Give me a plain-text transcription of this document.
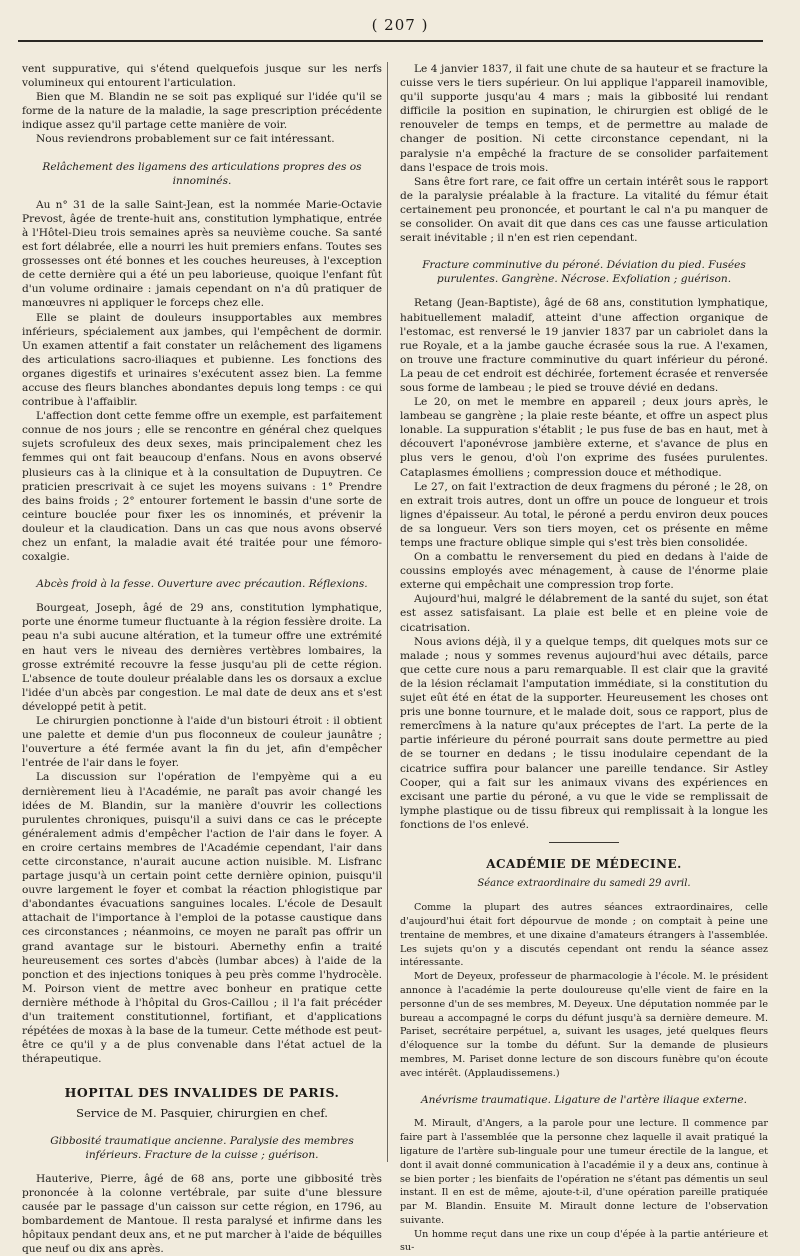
( 207 )

vent suppurative, qui s'étend quelquefois jusque sur les nerfs volumineux qui entourent l'articulation.

Bien que M. Blandin ne se soit pas expliqué sur l'idée qu'il se forme de la nature de la maladie, la sage prescription précédente indique assez qu'il partage cette manière de voir.

Nous reviendrons probablement sur ce fait intéressant.

Relâchement des ligamens des articulations propres des os innominés.

Au n° 31 de la salle Saint-Jean, est la nommée Marie-Octavie Prevost, âgée de trente-huit ans, constitution lymphatique, entrée à l'Hôtel-Dieu trois semaines après sa neuvième couche. Sa santé est fort délabrée, elle a nourri les huit premiers enfans. Toutes ses grossesses ont été bonnes et les couches heureuses, à l'exception de cette dernière qui a été un peu laborieuse, quoique l'enfant fût d'un volume ordinaire : jamais cependant on n'a dû pratiquer de manœuvres ni appliquer le forceps chez elle.

Elle se plaint de douleurs insupportables aux membres inférieurs, spécialement aux jambes, qui l'empêchent de dormir. Un examen attentif a fait constater un relâchement des ligamens des articulations sacro-iliaques et pubienne. Les fonctions des organes digestifs et urinaires s'exécutent assez bien. La femme accuse des fleurs blanches abondantes depuis long temps : ce qui contribue à l'affaiblir.

L'affection dont cette femme offre un exemple, est parfaitement connue de nos jours ; elle se rencontre en général chez quelques sujets scrofuleux des deux sexes, mais principalement chez les femmes qui ont fait beaucoup d'enfans. Nous en avons observé plusieurs cas à la clinique et à la consultation de Dupuytren. Ce praticien prescrivait à ce sujet les moyens suivans : 1° Prendre des bains froids ; 2° entourer fortement le bassin d'une sorte de ceinture bouclée pour fixer les os innominés, et prévenir la douleur et la claudication. Dans un cas que nous avons observé chez un enfant, la maladie avait été traitée pour une fémoro-coxalgie.

Abcès froid à la fesse. Ouverture avec précaution. Réflexions.

Bourgeat, Joseph, âgé de 29 ans, constitution lymphatique, porte une énorme tumeur fluctuante à la région fessière droite. La peau n'a subi aucune altération, et la tumeur offre une extrémité en haut vers le niveau des dernières vertèbres lombaires, la grosse extrémité recouvre la fesse jusqu'au pli de cette région. L'absence de toute douleur préalable dans les os dorsaux a exclue l'idée d'un abcès par congestion. Le mal date de deux ans et s'est développé petit à petit.

Le chirurgien ponctionne à l'aide d'un bistouri étroit : il obtient une palette et demie d'un pus floconneux de couleur jaunâtre ; l'ouverture a été fermée avant la fin du jet, afin d'empêcher l'entrée de l'air dans le foyer.

La discussion sur l'opération de l'empyème qui a eu dernièrement lieu à l'Académie, ne paraît pas avoir changé les idées de M. Blandin, sur la manière d'ouvrir les collections purulentes chroniques, puisqu'il a suivi dans ce cas le précepte généralement admis d'empêcher l'action de l'air dans le foyer. A en croire certains membres de l'Académie cependant, l'air dans cette circonstance, n'aurait aucune action nuisible. M. Lisfranc partage jusqu'à un certain point cette dernière opinion, puisqu'il ouvre largement le foyer et combat la réaction phlogistique par d'abondantes évacuations sanguines locales. L'école de Desault attachait de l'importance à l'emploi de la potasse caustique dans ces circonstances ; néanmoins, ce moyen ne paraît pas offrir un grand avantage sur le bistouri. Abernethy enfin a traité heureusement ces sortes d'abcès (lumbar abces) à l'aide de la ponction et des injections toniques à peu près comme l'hydrocèle. M. Poirson vient de mettre avec bonheur en pratique cette dernière méthode à l'hôpital du Gros-Caillou ; il l'a fait précéder d'un traitement constitutionnel, fortifiant, et d'applications répétées de moxas à la base de la tumeur. Cette méthode est peut-être ce qu'il y a de plus convenable dans l'état actuel de la thérapeutique.

HOPITAL DES INVALIDES DE PARIS.
Service de M. Pasquier, chirurgien en chef.
Gibbosité traumatique ancienne. Paralysie des membres inférieurs. Fracture de la cuisse ; guérison.

Hauterive, Pierre, âgé de 68 ans, porte une gibbosité très prononcée à la colonne vertébrale, par suite d'une blessure causée par le passage d'un caisson sur cette région, en 1796, au bombardement de Mantoue. Il resta paralysé et infirme dans les hôpitaux pendant deux ans, et ne put marcher à l'aide de béquilles que neuf ou dix ans après.

Le 4 janvier 1837, il fait une chute de sa hauteur et se fracture la cuisse vers le tiers supérieur. On lui applique l'appareil inamovible, qu'il supporte jusqu'au 4 mars ; mais la gibbosité lui rendant difficile la position en supination, le chirurgien est obligé de le renouveler de temps en temps, et de permettre au malade de changer de position. Ni cette circonstance cependant, ni la paralysie n'a empêché la fracture de se consolider parfaitement dans l'espace de trois mois.

Sans être fort rare, ce fait offre un certain intérêt sous le rapport de la paralysie préalable à la fracture. La vitalité du fémur était certainement peu prononcée, et pourtant le cal n'a pu manquer de se consolider. On avait dit que dans ces cas une fausse articulation serait inévitable ; il n'en est rien cependant.

Fracture comminutive du péroné. Déviation du pied. Fusées purulentes. Gangrène. Nécrose. Exfoliation ; guérison.

Retang (Jean-Baptiste), âgé de 68 ans, constitution lymphatique, habituellement maladif, atteint d'une affection organique de l'estomac, est renversé le 19 janvier 1837 par un cabriolet dans la rue Royale, et a la jambe gauche écrasée sous la rue. A l'examen, on trouve une fracture comminutive du quart inférieur du péroné. La peau de cet endroit est déchirée, fortement écrasée et renversée sous forme de lambeau ; le pied se trouve dévié en dedans.

Le 20, on met le membre en appareil ; deux jours après, le lambeau se gangrène ; la plaie reste béante, et offre un aspect plus lonable. La suppuration s'établit ; le pus fuse de bas en haut, met à découvert l'aponévrose jambière externe, et s'avance de plus en plus vers le genou, d'où l'on exprime des fusées purulentes. Cataplasmes émolliens ; compression douce et méthodique.

Le 27, on fait l'extraction de deux fragmens du péroné ; le 28, on en extrait trois autres, dont un offre un pouce de longueur et trois lignes d'épaisseur. Au total, le péroné a perdu environ deux pouces de sa longueur. Vers son tiers moyen, cet os présente en même temps une fracture oblique simple qui s'est très bien consolidée.

On a combattu le renversement du pied en dedans à l'aide de coussins employés avec ménagement, à cause de l'énorme plaie externe qui empêchait une compression trop forte.

Aujourd'hui, malgré le délabrement de la santé du sujet, son état est assez satisfaisant. La plaie est belle et en pleine voie de cicatrisation.

Nous avions déjà, il y a quelque temps, dit quelques mots sur ce malade ; nous y sommes revenus aujourd'hui avec détails, parce que cette cure nous a paru remarquable. Il est clair que la gravité de la lésion réclamait l'amputation immédiate, si la constitution du sujet eût été en état de la supporter. Heureusement les choses ont pris une bonne tournure, et le malade doit, sous ce rapport, plus de remercîmens à la nature qu'aux préceptes de l'art. La perte de la partie inférieure du péroné pourrait sans doute permettre au pied de se tourner en dedans ; le tissu inodulaire cependant de la cicatrice suffira pour balancer une pareille tendance. Sir Astley Cooper, qui a fait sur les animaux vivans des expériences en excisant une partie du péroné, a vu que le vide se remplissait de lymphe plastique ou de tissu fibreux qui remplissait à la longue les fonctions de l'os enlevé.

ACADÉMIE DE MÉDECINE.
Séance extraordinaire du samedi 29 avril.

Comme la plupart des autres séances extraordinaires, celle d'aujourd'hui était fort dépourvue de monde ; on comptait à peine une trentaine de membres, et une dixaine d'amateurs étrangers à l'assemblée. Les sujets qu'on y a discutés cependant ont rendu la séance assez intéressante.

Mort de Deyeux, professeur de pharmacologie à l'école. M. le président annonce à l'académie la perte douloureuse qu'elle vient de faire en la personne d'un de ses membres, M. Deyeux. Une députation nommée par le bureau a accompagné le corps du défunt jusqu'à sa dernière demeure. M. Pariset, secrétaire perpétuel, a, suivant les usages, jeté quelques fleurs d'éloquence sur la tombe du défunt. Sur la demande de plusieurs membres, M. Pariset donne lecture de son discours funèbre qu'on écoute avec intérêt. (Applaudissemens.)

Anévrisme traumatique. Ligature de l'artère iliaque externe.

M. Mirault, d'Angers, a la parole pour une lecture. Il commence par faire part à l'assemblée que la personne chez laquelle il avait pratiqué la ligature de l'artère sub-linguale pour une tumeur érectile de la langue, et dont il avait donné communication à l'académie il y a deux ans, continue à se bien porter ; les bienfaits de l'opération ne s'étant pas démentis un seul instant. Il en est de même, ajoute-t-il, d'une opération pareille pratiquée par M. Blandin. Ensuite M. Mirault donne lecture de l'observation suivante.

Un homme reçut dans une rixe un coup d'épée à la partie antérieure et su-
